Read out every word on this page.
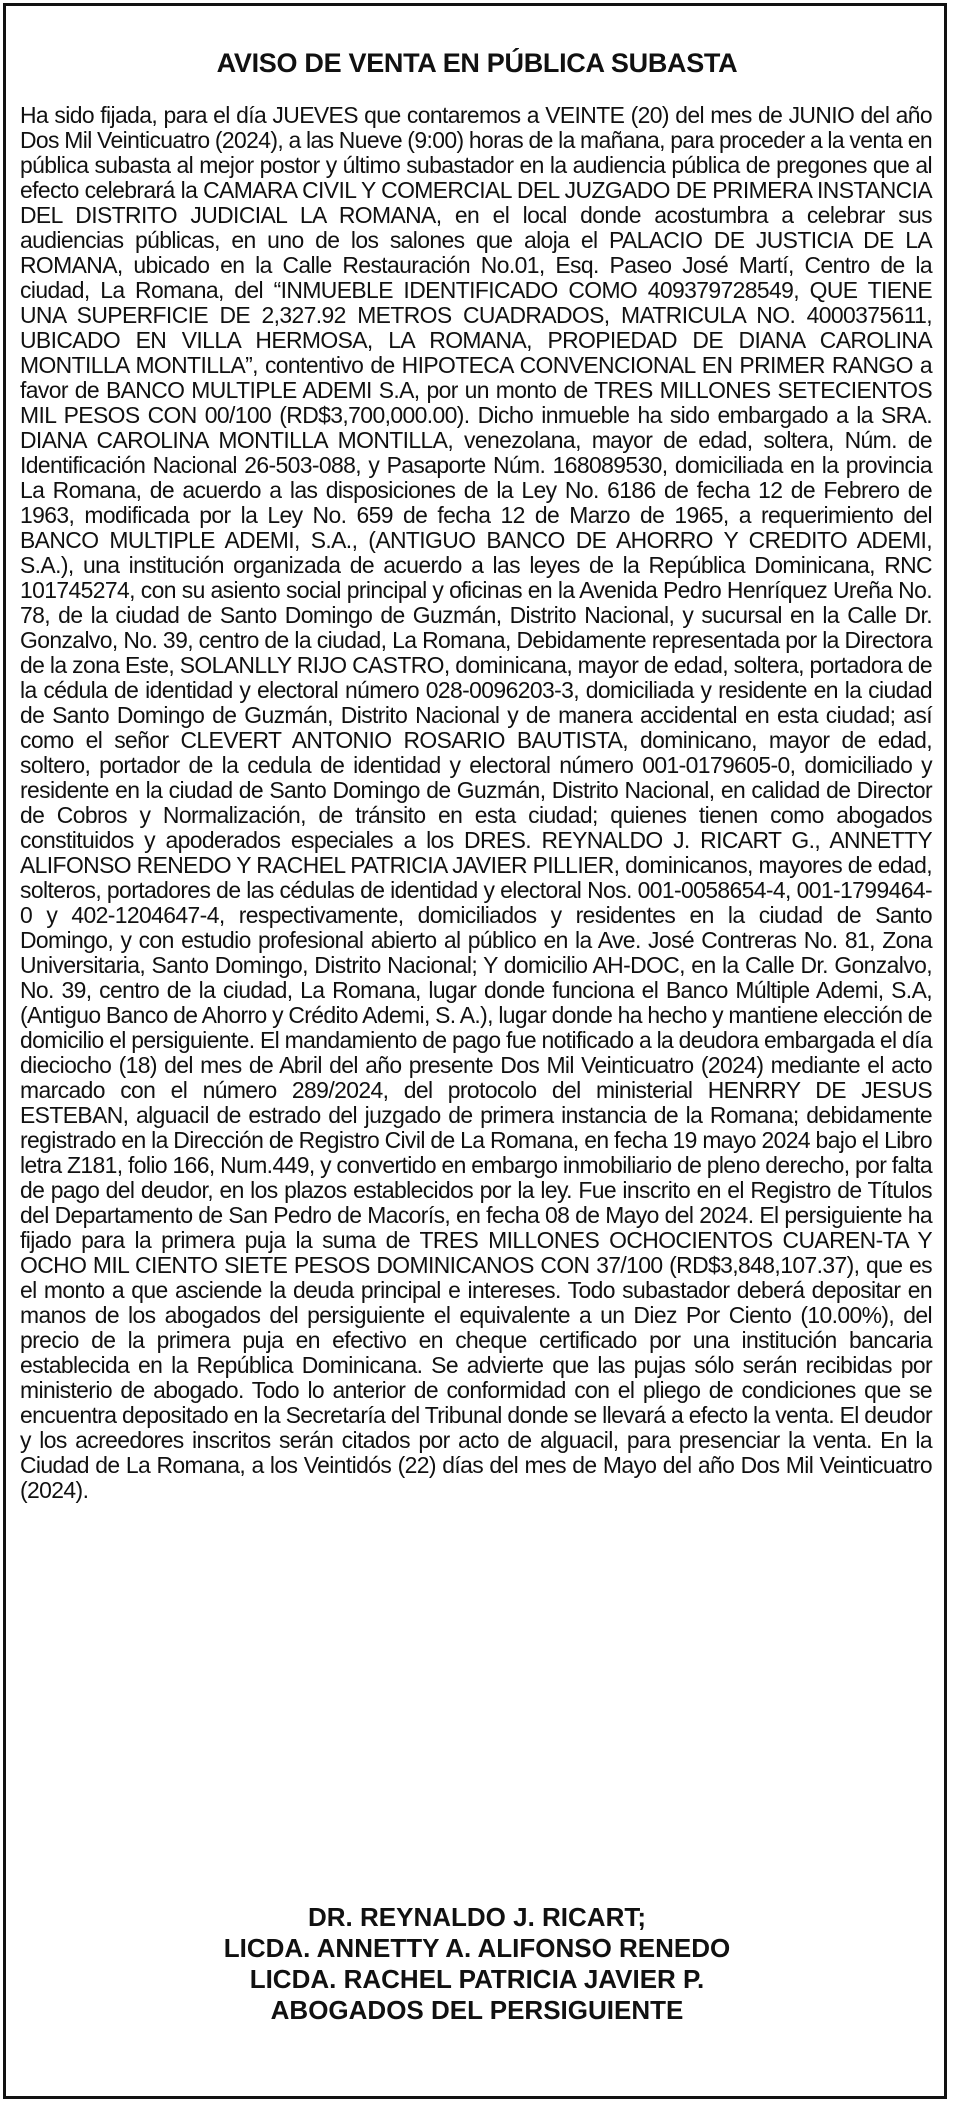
AVISO DE VENTA EN PÚBLICA SUBASTA

Ha sido fijada, para el día JUEVES que contaremos a VEINTE (20) del mes de JUNIO del año Dos Mil Veinticuatro (2024), a las Nueve (9:00) horas de la mañana, para proceder a la venta en pública subasta al mejor postor y último subastador en la audiencia pública de pregones que al efecto celebrará la CAMARA CIVIL Y COMERCIAL DEL JUZGADO DE PRIMERA INSTANCIA DEL DISTRITO JUDICIAL LA ROMANA, en el local donde acostumbra a celebrar sus audiencias públicas, en uno de los salones que aloja el PALACIO DE JUSTICIA DE LA ROMANA, ubicado en la Calle Restauración No.01, Esq. Paseo José Martí, Centro de la ciudad, La Romana, del “INMUEBLE IDENTIFICADO COMO 409379728549, QUE TIENE UNA SUPERFICIE DE 2,327.92 METROS CUADRADOS, MATRICULA NO. 4000375611, UBICADO EN VILLA HERMOSA, LA ROMANA, PROPIEDAD DE DIANA CAROLINA MONTILLA MONTILLA”, contentivo de HIPOTECA CONVENCIONAL EN PRIMER RANGO a favor de BANCO MULTIPLE ADEMI S.A, por un monto de TRES MILLONES SETECIENTOS MIL PESOS CON 00/100 (RD$3,700,000.00). Dicho inmueble ha sido embargado a la SRA. DIANA CAROLINA MONTILLA MONTILLA, venezolana, mayor de edad, soltera, Núm. de Identificación Nacional 26-503-088, y Pasaporte Núm. 168089530, domiciliada en la provincia La Romana, de acuerdo a las disposiciones de la Ley No. 6186 de fecha 12 de Febrero de 1963, modificada por la Ley No. 659 de fecha 12 de Marzo de 1965, a requerimiento del BANCO MULTIPLE ADEMI, S.A., (ANTIGUO BANCO DE AHORRO Y CREDITO ADEMI, S.A.), una institución organizada de acuerdo a las leyes de la República Dominicana, RNC 101745274, con su asiento social principal y oficinas en la Avenida Pedro Henríquez Ureña No. 78, de la ciudad de Santo Domingo de Guzmán, Distrito Nacional, y sucursal en la Calle Dr. Gonzalvo, No. 39, centro de la ciudad, La Romana, Debidamente representada por la Directora de la zona Este, SOLANLLY RIJO CASTRO, dominicana, mayor de edad, soltera, portadora de la cédula de identidad y electoral número 028-0096203-3, domiciliada y residente en la ciudad de Santo Domingo de Guzmán, Distrito Nacional y de manera accidental en esta ciudad; así como el señor CLEVERT ANTONIO ROSARIO BAUTISTA, dominicano, mayor de edad, soltero, portador de la cedula de identidad y electoral número 001-0179605-0, domiciliado y residente en la ciudad de Santo Domingo de Guzmán, Distrito Nacional, en calidad de Director de Cobros y Normalización, de tránsito en esta ciudad; quienes tienen como abogados constituidos y apoderados especiales a los DRES. REYNALDO J. RICART G., ANNETTY ALIFONSO RENEDO Y RACHEL PATRICIA JAVIER PILLIER, dominicanos, mayores de edad, solteros, portadores de las cédulas de identidad y electoral Nos. 001-0058654-4, 001-1799464-0 y 402-1204647-4, respectivamente, domiciliados y residentes en la ciudad de Santo Domingo, y con estudio profesional abierto al público en la Ave. José Contreras No. 81, Zona Universitaria, Santo Domingo, Distrito Nacional; Y domicilio AH-DOC, en la Calle Dr. Gonzalvo, No. 39, centro de la ciudad, La Romana, lugar donde funciona el Banco Múltiple Ademi, S.A, (Antiguo Banco de Ahorro y Crédito Ademi, S. A.), lugar donde ha hecho y mantiene elección de domicilio el persiguiente. El mandamiento de pago fue notificado a la deudora embargada el día dieciocho (18) del mes de Abril del año presente Dos Mil Veinticuatro (2024) mediante el acto marcado con el número 289/2024, del protocolo del ministerial HENRRY DE JESUS ESTEBAN, alguacil de estrado del juzgado de primera instancia de la Romana; debidamente registrado en la Dirección de Registro Civil de La Romana, en fecha 19 mayo 2024 bajo el Libro letra Z181, folio 166, Num.449, y convertido en embargo inmobiliario de pleno derecho, por falta de pago del deudor, en los plazos establecidos por la ley. Fue inscrito en el Registro de Títulos del Departamento de San Pedro de Macorís, en fecha 08 de Mayo del 2024. El persiguiente ha fijado para la primera puja la suma de TRES MILLONES OCHOCIENTOS CUAREN-TA Y OCHO MIL CIENTO SIETE PESOS DOMINICANOS CON 37/100 (RD$3,848,107.37), que es el monto a que asciende la deuda principal e intereses. Todo subastador deberá depositar en manos de los abogados del persiguiente el equivalente a un Diez Por Ciento (10.00%), del precio de la primera puja en efectivo en cheque certificado por una institución bancaria establecida en la República Dominicana. Se advierte que las pujas sólo serán recibidas por ministerio de abogado. Todo lo anterior de conformidad con el pliego de condiciones que se encuentra depositado en la Secretaría del Tribunal donde se llevará a efecto la venta. El deudor y los acreedores inscritos serán citados por acto de alguacil, para presenciar la venta. En la Ciudad de La Romana, a los Veintidós (22) días del mes de Mayo del año Dos Mil Veinticuatro (2024).

DR. REYNALDO J. RICART;
LICDA. ANNETTY A. ALIFONSO RENEDO
LICDA. RACHEL PATRICIA JAVIER P.
ABOGADOS DEL PERSIGUIENTE
